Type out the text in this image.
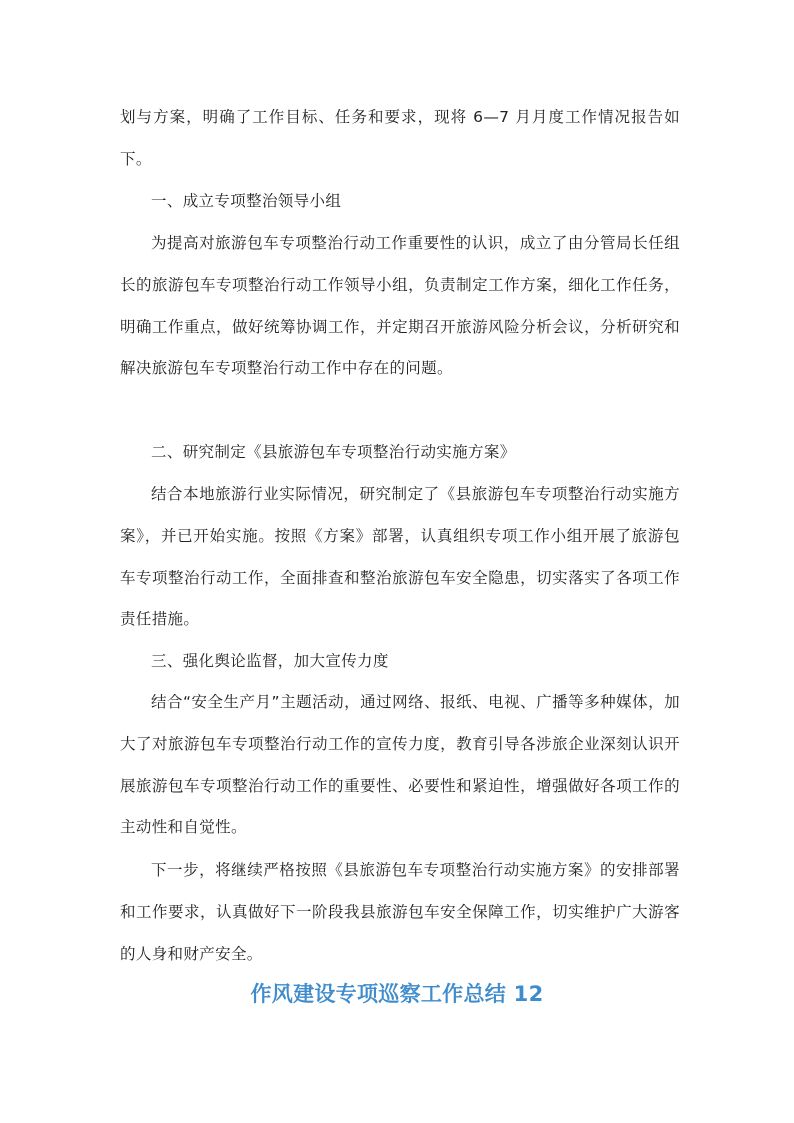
划与方案，明确了工作目标、任务和要求，现将 6—7 月月度工作情况报告如下。

一、成立专项整治领导小组

为提高对旅游包车专项整治行动工作重要性的认识，成立了由分管局长任组长的旅游包车专项整治行动工作领导小组，负责制定工作方案，细化工作任务，明确工作重点，做好统筹协调工作，并定期召开旅游风险分析会议，分析研究和解决旅游包车专项整治行动工作中存在的问题。

二、研究制定《县旅游包车专项整治行动实施方案》

结合本地旅游行业实际情况，研究制定了《县旅游包车专项整治行动实施方案》，并已开始实施。按照《方案》部署，认真组织专项工作小组开展了旅游包车专项整治行动工作，全面排查和整治旅游包车安全隐患，切实落实了各项工作责任措施。

三、强化舆论监督，加大宣传力度

结合“安全生产月”主题活动，通过网络、报纸、电视、广播等多种媒体，加大了对旅游包车专项整治行动工作的宣传力度，教育引导各涉旅企业深刻认识开展旅游包车专项整治行动工作的重要性、必要性和紧迫性，增强做好各项工作的主动性和自觉性。

下一步，将继续严格按照《县旅游包车专项整治行动实施方案》的安排部署和工作要求，认真做好下一阶段我县旅游包车安全保障工作，切实维护广大游客的人身和财产安全。

作风建设专项巡察工作总结 12
